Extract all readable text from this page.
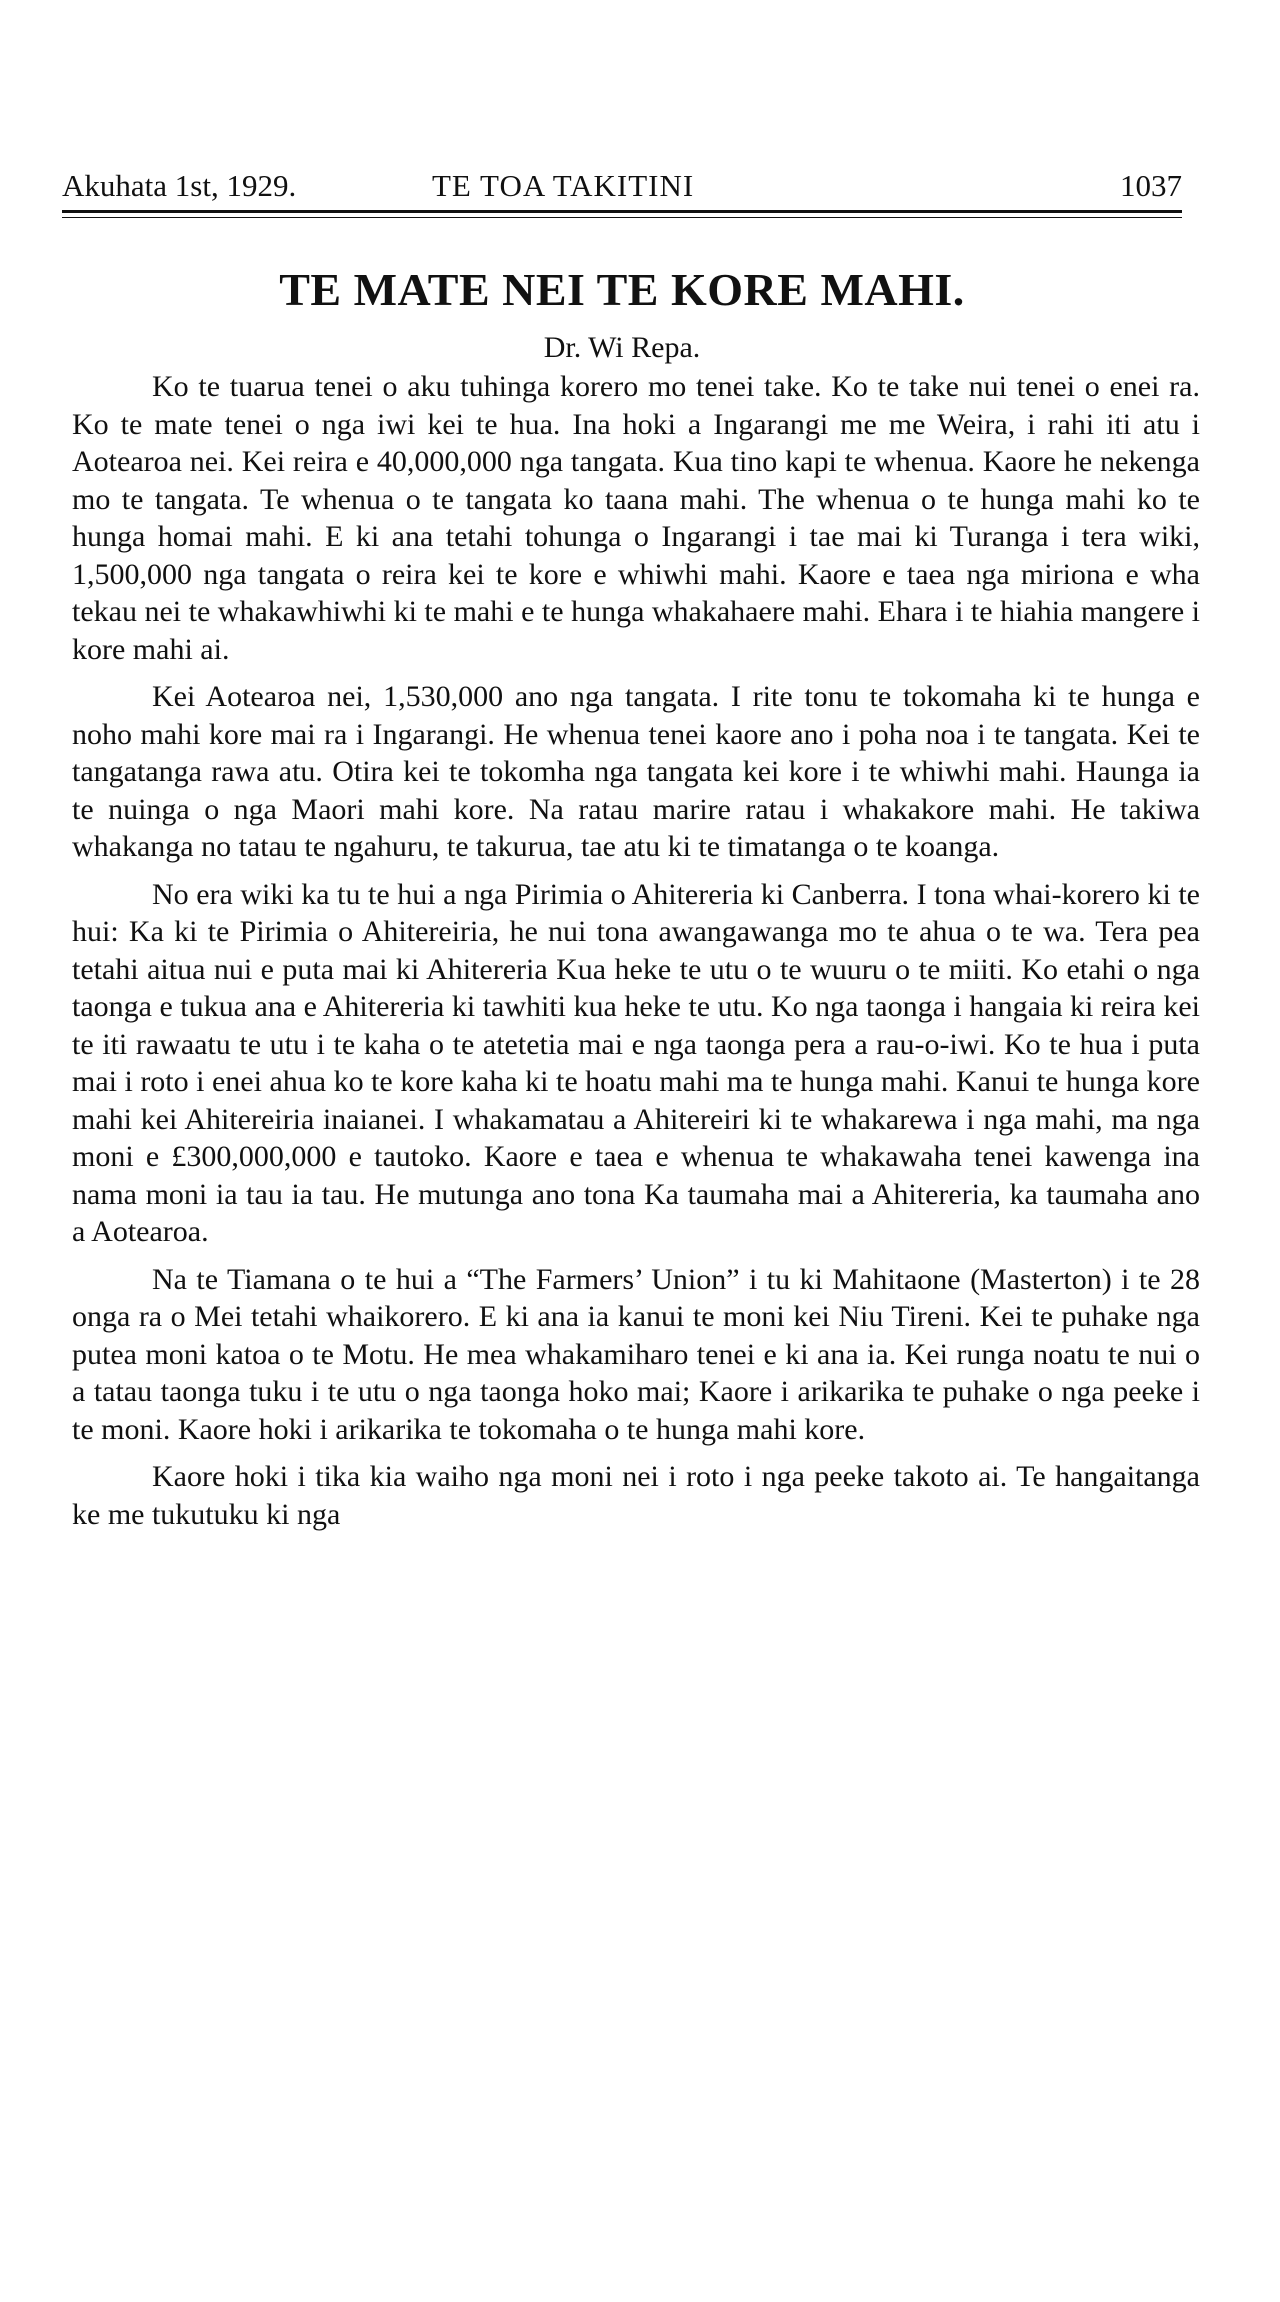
Akuhata 1st, 1929.	TE TOA TAKITINI	1037
TE MATE NEI TE KORE MAHI.
Dr. Wi Repa.

Ko te tuarua tenei o aku tuhinga korero mo tenei take. Ko te take nui tenei o enei ra. Ko te mate tenei o nga iwi kei te hua. Ina hoki a Ingarangi me me Weira, i rahi iti atu i Aotearoa nei. Kei reira e 40,000,000 nga tangata. Kua tino kapi te whenua. Kaore he nekenga mo te tangata. Te whenua o te tangata ko taana mahi. The whenua o te hunga mahi ko te hunga homai mahi. E ki ana tetahi tohunga o Ingarangi i tae mai ki Turanga i tera wiki, 1,500,000 nga tangata o reira kei te kore e whiwhi mahi. Kaore e taea nga miriona e wha tekau nei te whakawhiwhi ki te mahi e te hunga whakahaere mahi. Ehara i te hiahia mangere i kore mahi ai.

Kei Aotearoa nei, 1,530,000 ano nga tangata. I rite tonu te tokomaha ki te hunga e noho mahi kore mai ra i Ingarangi. He whenua tenei kaore ano i poha noa i te tangata. Kei te tangatanga rawa atu. Otira kei te tokomha nga tangata kei kore i te whiwhi mahi. Haunga ia te nuinga o nga Maori mahi kore. Na ratau marire ratau i whakakore mahi. He takiwa whakanga no tatau te ngahuru, te takurua, tae atu ki te timatanga o te koanga.

No era wiki ka tu te hui a nga Pirimia o Ahitereria ki Canberra. I tona whai-korero ki te hui: Ka ki te Pirimia o Ahitereiria, he nui tona awangawanga mo te ahua o te wa. Tera pea tetahi aitua nui e puta mai ki Ahitereria Kua heke te utu o te wuuru o te miiti. Ko etahi o nga taonga e tukua ana e Ahitereria ki tawhiti kua heke te utu. Ko nga taonga i hangaia ki reira kei te iti rawaatu te utu i te kaha o te atetetia mai e nga taonga pera a rau-o-iwi. Ko te hua i puta mai i roto i enei ahua ko te kore kaha ki te hoatu mahi ma te hunga mahi. Kanui te hunga kore mahi kei Ahitereiria inaianei. I whakamatau a Ahitereiri ki te whakarewa i nga mahi, ma nga moni e £300,000,000 e tautoko. Kaore e taea e whenua te whakawaha tenei kawenga ina nama moni ia tau ia tau. He mutunga ano tona Ka taumaha mai a Ahitereria, ka taumaha ano a Aotearoa.

Na te Tiamana o te hui a “The Farmers’ Union” i tu ki Mahitaone (Masterton) i te 28 onga ra o Mei tetahi whaikorero. E ki ana ia kanui te moni kei Niu Tireni. Kei te puhake nga putea moni katoa o te Motu. He mea whakamiharo tenei e ki ana ia. Kei runga noatu te nui o a tatau taonga tuku i te utu o nga taonga hoko mai; Kaore i arikarika te puhake o nga peeke i te moni. Kaore hoki i arikarika te tokomaha o te hunga mahi kore.

Kaore hoki i tika kia waiho nga moni nei i roto i nga peeke takoto ai. Te hangaitanga ke me tukutuku ki nga
